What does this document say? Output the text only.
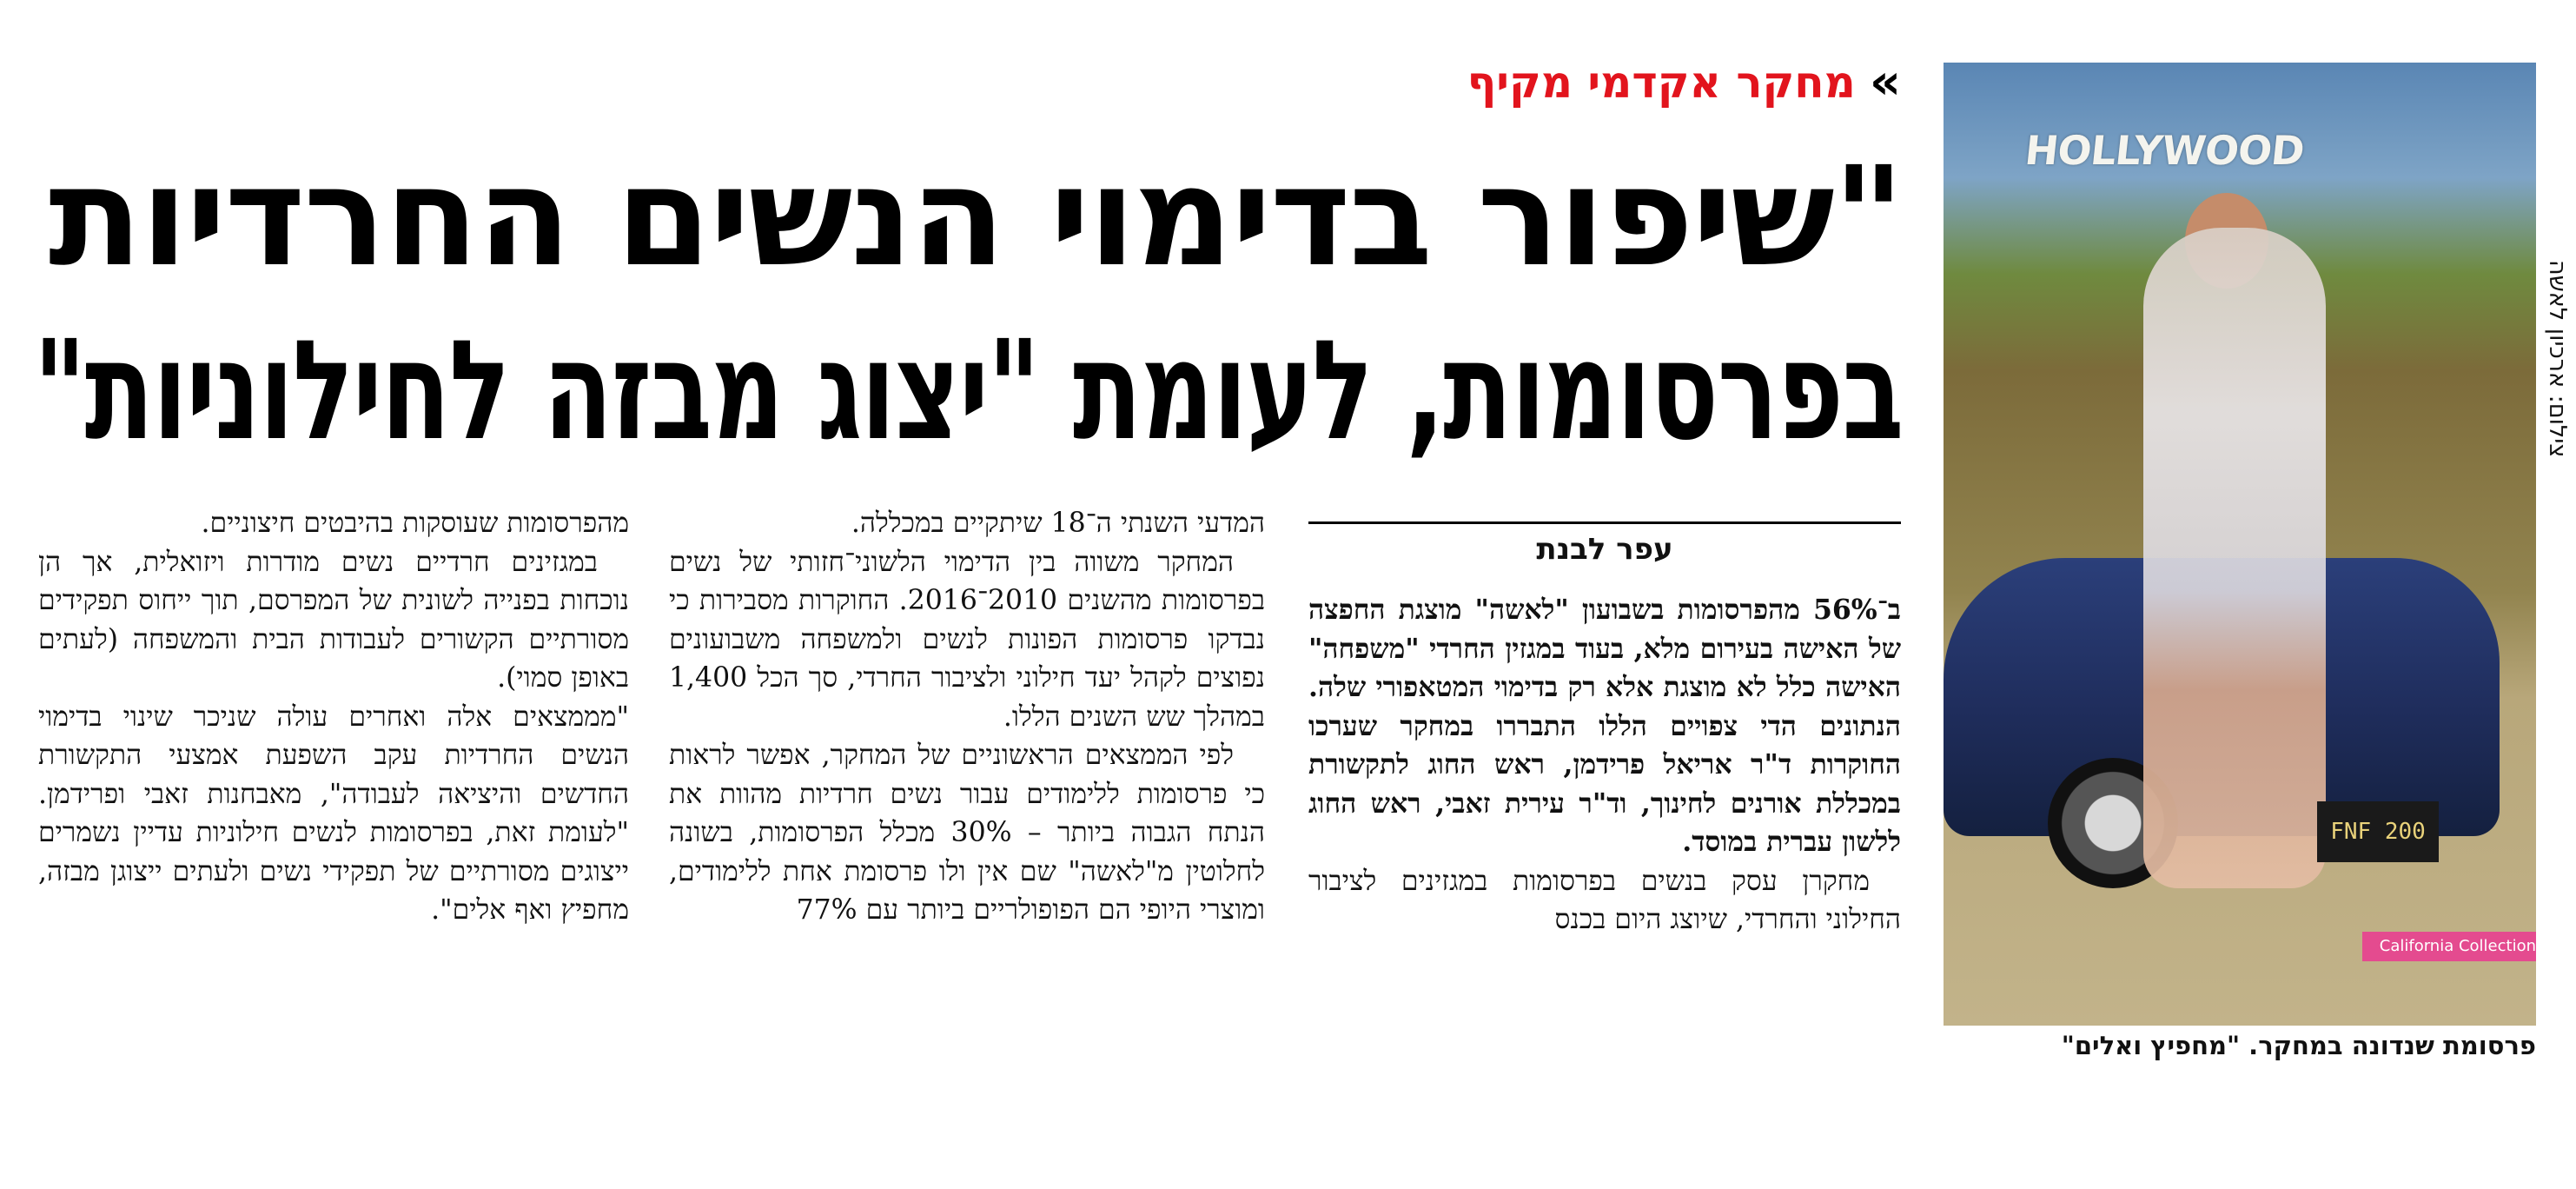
צילום: ארכיון לאשה
HOLLYWOOD
FNF 200
California Collection
פרסומת שנדונה במחקר. "מחפיץ ואלים"
»
מחקר אקדמי מקיף
"שיפור בדימוי הנשים החרדיות
בפרסומות, לעומת "יצוג מבזה לחילוניות"
עפר לבנת

ב־56% מהפרסומות בשבועון "לאשה" מוצגת החפצה של האישה בעירום מלא, בעוד במגזין החרדי "משפחה" האישה כלל לא מוצגת אלא רק בדימוי המטאפורי שלה. הנתונים הדי צפויים הללו התבררו במחקר שערכו החוקרות ד"ר אריאל פרידמן, ראש החוג לתקשורת במכללת אורנים לחינוך, וד"ר עירית זאבי, ראש החוג ללשון עברית במוסד.

מחקרן עסק בנשים בפרסומות במגזינים לציבור החילוני והחרדי, שיוצג היום בכנס

המדעי השנתי ה־18 שיתקיים במכללה.

המחקר משווה בין הדימוי הלשוני־חזותי של נשים בפרסומות מהשנים 2010־2016. החוקרות מסבירות כי נבדקו פרסומות הפונות לנשים ולמשפחה משבועונים נפוצים לקהל יעד חילוני ולציבור החרדי, סך הכל 1,400 במהלך שש השנים הללו.

לפי הממצאים הראשוניים של המחקר, אפשר לראות כי פרסומות ללימודים עבור נשים חרדיות מהוות את הנתח הגבוה ביותר – 30% מכלל הפרסומות, בשונה לחלוטין מ"לאשה" שם אין ולו פרסומת אחת ללימודים, ומוצרי היופי הם הפופולריים ביותר עם 77%

מהפרסומות שעוסקות בהיבטים חיצוניים.

במגזינים חרדיים נשים מודרות ויזואלית, אך הן נוכחות בפנייה לשונית של המפרסם, תוך ייחוס תפקידים מסורתיים הקשורים לעבודות הבית והמשפחה (לעתים באופן סמוי).

"מממצאים אלה ואחרים עולה שניכר שינוי בדימוי הנשים החרדיות עקב השפעת אמצעי התקשורת החדשים והיציאה לעבודה", מאבחנות זאבי ופרידמן. "לעומת זאת, בפרסומות לנשים חילוניות עדיין נשמרים ייצוגים מסורתיים של תפקידי נשים ולעתים ייצוגן מבזה, מחפיץ ואף אלים".
